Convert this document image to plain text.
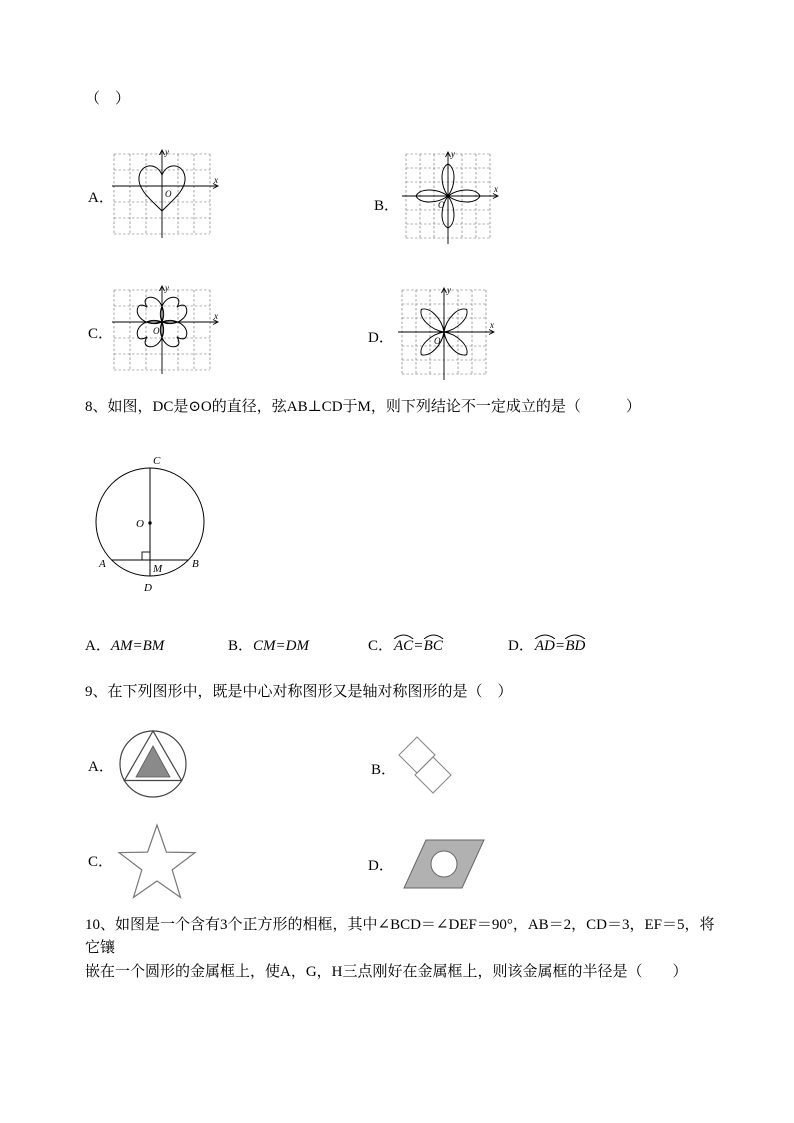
（　）
A．
y
x
O
B．
y
x
O
C．
y
x
O	D．
y
x
O
8、如图，DC是⊙O的直径，弦AB⊥CD于M，则下列结论不一定成立的是（　　　）
C
O
A	B
M
D
A．AM=BM	B．CM=DM	C．
AC=
BC	D．
AD=
BD
9、在下列图形中，既是中心对称图形又是轴对称图形的是（　）
A．	B．
C．	D．
10、如图是一个含有3个正方形的相框，其中∠BCD＝∠DEF＝90°，AB＝2，CD＝3，EF＝5，将它镶
嵌在一个圆形的金属框上，使A，G，H三点刚好在金属框上，则该金属框的半径是（　　）
